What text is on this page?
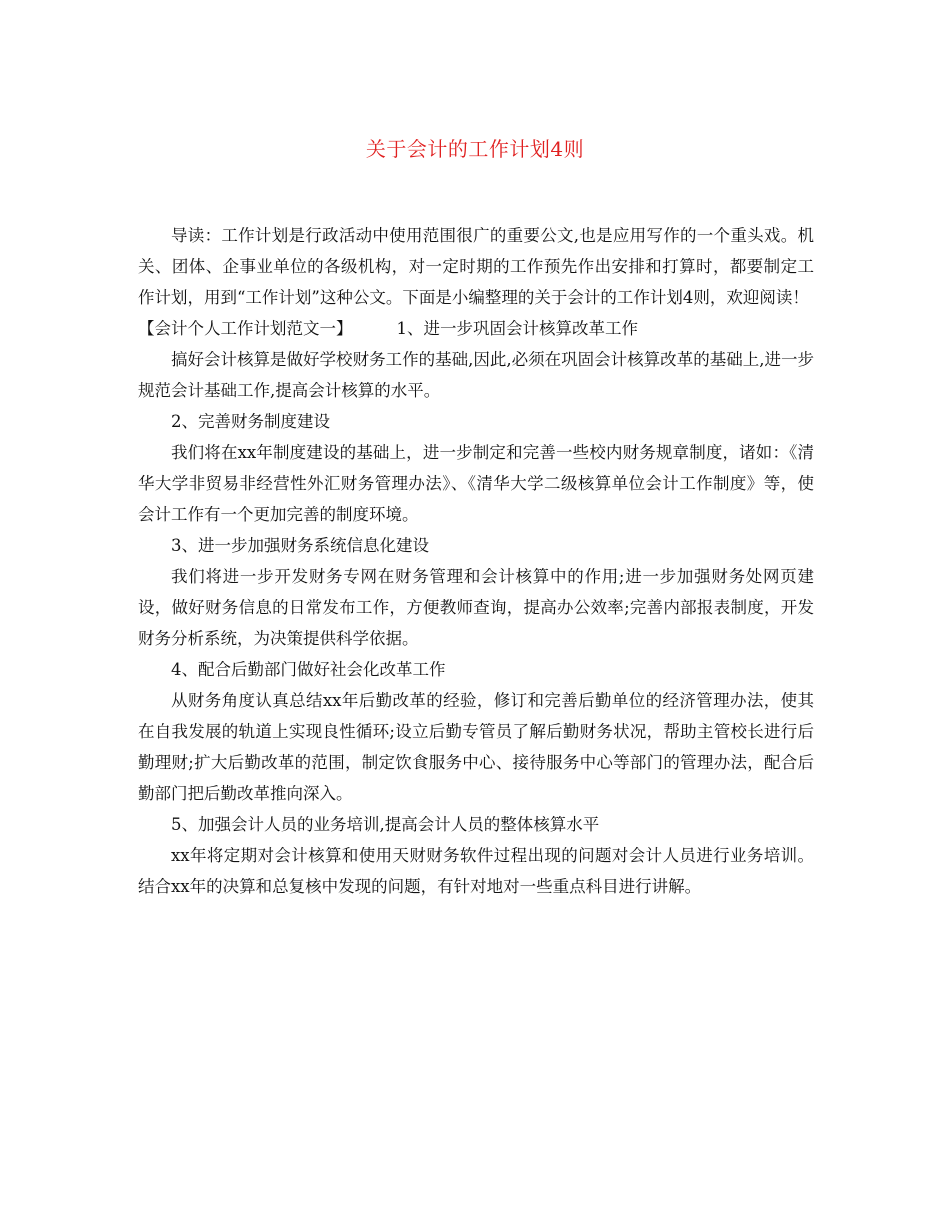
关于会计的工作计划4则

导读：工作计划是行政活动中使用范围很广的重要公文,也是应用写作的一个重头戏。机关、团体、企事业单位的各级机构，对一定时期的工作预先作出安排和打算时，都要制定工作计划，用到“工作计划”这种公文。下面是小编整理的关于会计的工作计划4则，欢迎阅读！

【会计个人工作计划范文一】	1、进一步巩固会计核算改革工作

搞好会计核算是做好学校财务工作的基础,因此,必须在巩固会计核算改革的基础上,进一步规范会计基础工作,提高会计核算的水平。

2、完善财务制度建设

我们将在xx年制度建设的基础上，进一步制定和完善一些校内财务规章制度，诸如：《清华大学非贸易非经营性外汇财务管理办法》、《清华大学二级核算单位会计工作制度》等，使会计工作有一个更加完善的制度环境。

3、进一步加强财务系统信息化建设

我们将进一步开发财务专网在财务管理和会计核算中的作用;进一步加强财务处网页建设，做好财务信息的日常发布工作，方便教师查询，提高办公效率;完善内部报表制度，开发财务分析系统，为决策提供科学依据。

4、配合后勤部门做好社会化改革工作

从财务角度认真总结xx年后勤改革的经验，修订和完善后勤单位的经济管理办法，使其在自我发展的轨道上实现良性循环;设立后勤专管员了解后勤财务状况，帮助主管校长进行后勤理财;扩大后勤改革的范围，制定饮食服务中心、接待服务中心等部门的管理办法，配合后勤部门把后勤改革推向深入。

5、加强会计人员的业务培训,提高会计人员的整体核算水平

xx年将定期对会计核算和使用天财财务软件过程出现的问题对会计人员进行业务培训。结合xx年的决算和总复核中发现的问题，有针对地对一些重点科目进行讲解。
